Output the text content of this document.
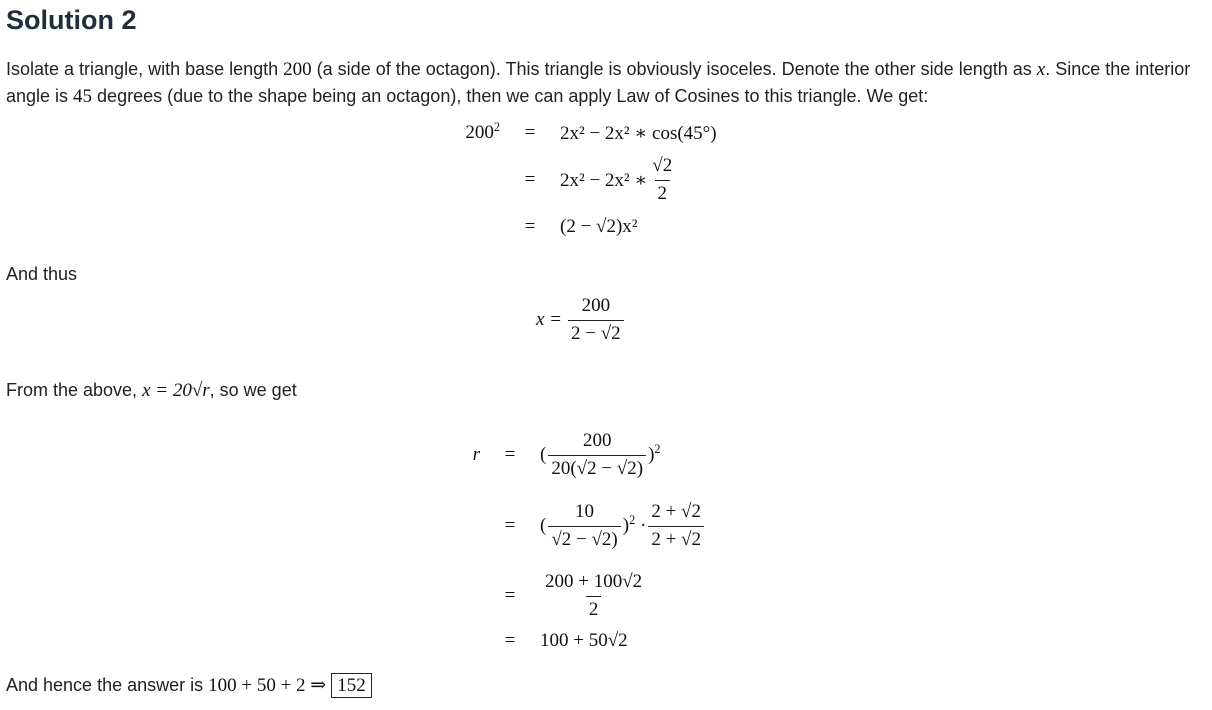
Solution 2
Isolate a triangle, with base length 200 (a side of the octagon). This triangle is obviously isoceles. Denote the other side length as x. Since the interior angle is 45 degrees (due to the shape being an octagon), then we can apply Law of Cosines to this triangle. We get:
$200^2$	=	2x² − 2x² ∗ cos(45°)
=	2x² − 2x² ∗ $\frac{√2}{2}$
=	(2 − √2)x²
And thus
$x = \frac{200}{2 - √2}$
From the above, x = 20√r, so we get
r	=	( $\frac{200}{20(√2 - √2)} )^2$
=	( $\frac{10}{√2 - √2)} )^2 \cdot \frac{2 + √2}{2 + √2}$
=	$\frac{200 + 100√2}{2}$
=	100 + 50√2
And hence the answer is 100 + 50 + 2 ⇒ 152
